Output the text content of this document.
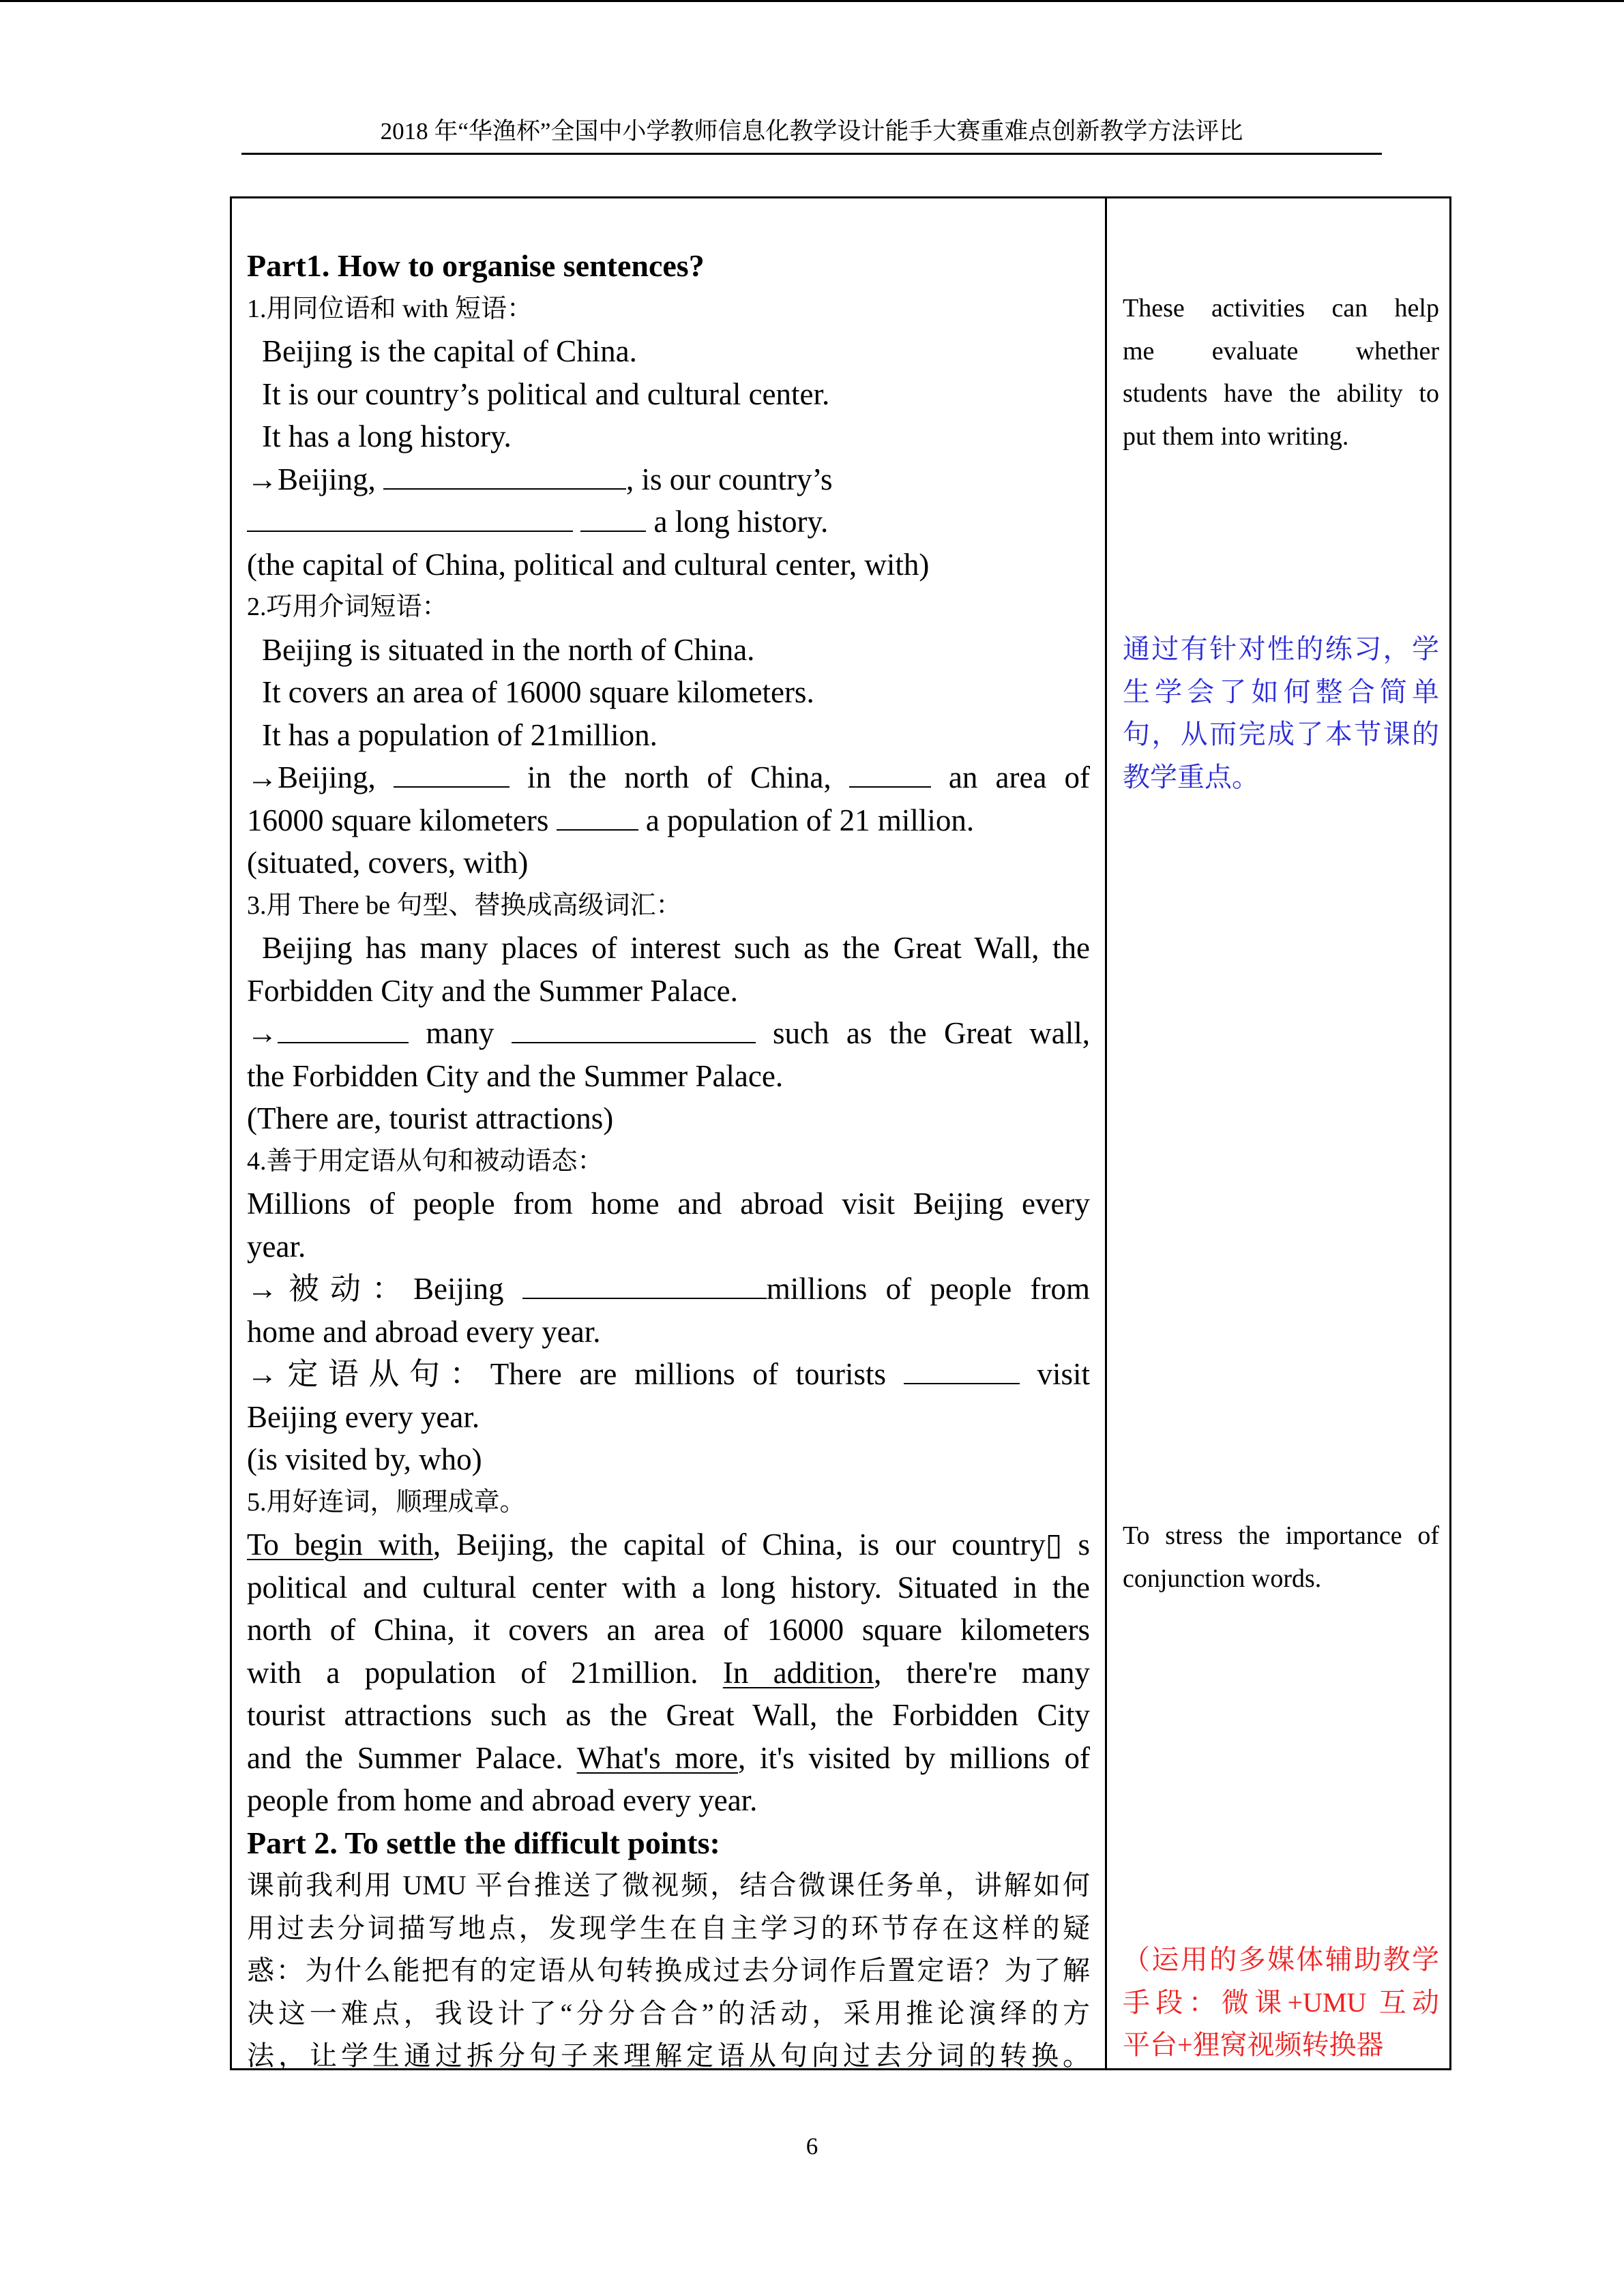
2018 年“华渔杯”全国中小学教师信息化教学设计能手大赛重难点创新教学方法评比
Part1. How to organise sentences?
1.用同位语和 with 短语：
Beijing is the capital of China.
It is our country’s political and cultural center.
It has a long history.
→Beijing,	, is our country’s
a long history.
(the capital of China, political and cultural center, with)
2.巧用介词短语：
Beijing is situated in the north of China.
It covers an area of 16000 square kilometers.
It has a population of 21million.
→Beijing,	in the north of China,	an area of
16000 square kilometers	a population of 21 million.
(situated, covers, with)
3.用 There be 句型、替换成高级词汇：
Beijing has many places of interest such as the Great Wall, the
Forbidden City and the Summer Palace.
→	many	such as the Great wall,
the Forbidden City and the Summer Palace.
(There are, tourist attractions)
4.善于用定语从句和被动语态：
Millions of people from home and abroad visit Beijing every
year.
→被动：Beijing	millions of people from
home and abroad every year.
→定语从句：There are millions of tourists	visit
Beijing every year.
(is visited by, who)
5.用好连词，顺理成章。
To begin with, Beijing, the capital of China, is our country▯ s
political and cultural center with a long history. Situated in the
north of China, it covers an area of 16000 square kilometers
with a population of 21million. In addition, there're many
tourist attractions such as the Great Wall, the Forbidden City
and the Summer Palace. What's more, it's visited by millions of
people from home and abroad every year.
Part 2. To settle the difficult points:
课前我利用 UMU 平台推送了微视频，结合微课任务单，讲解如何
用过去分词描写地点，发现学生在自主学习的环节存在这样的疑
惑：为什么能把有的定语从句转换成过去分词作后置定语？为了解
决这一难点，我设计了“分分合合”的活动，采用推论演绎的方
法，让学生通过拆分句子来理解定语从句向过去分词的转换。
These activities can help
me evaluate whether
students have the ability to
put them into writing.
通过有针对性的练习，学
生学会了如何整合简单
句，从而完成了本节课的
教学重点。
To stress the importance of
conjunction words.
（运用的多媒体辅助教学
手段：微课+UMU 互动
平台+狸窝视频转换器
6
